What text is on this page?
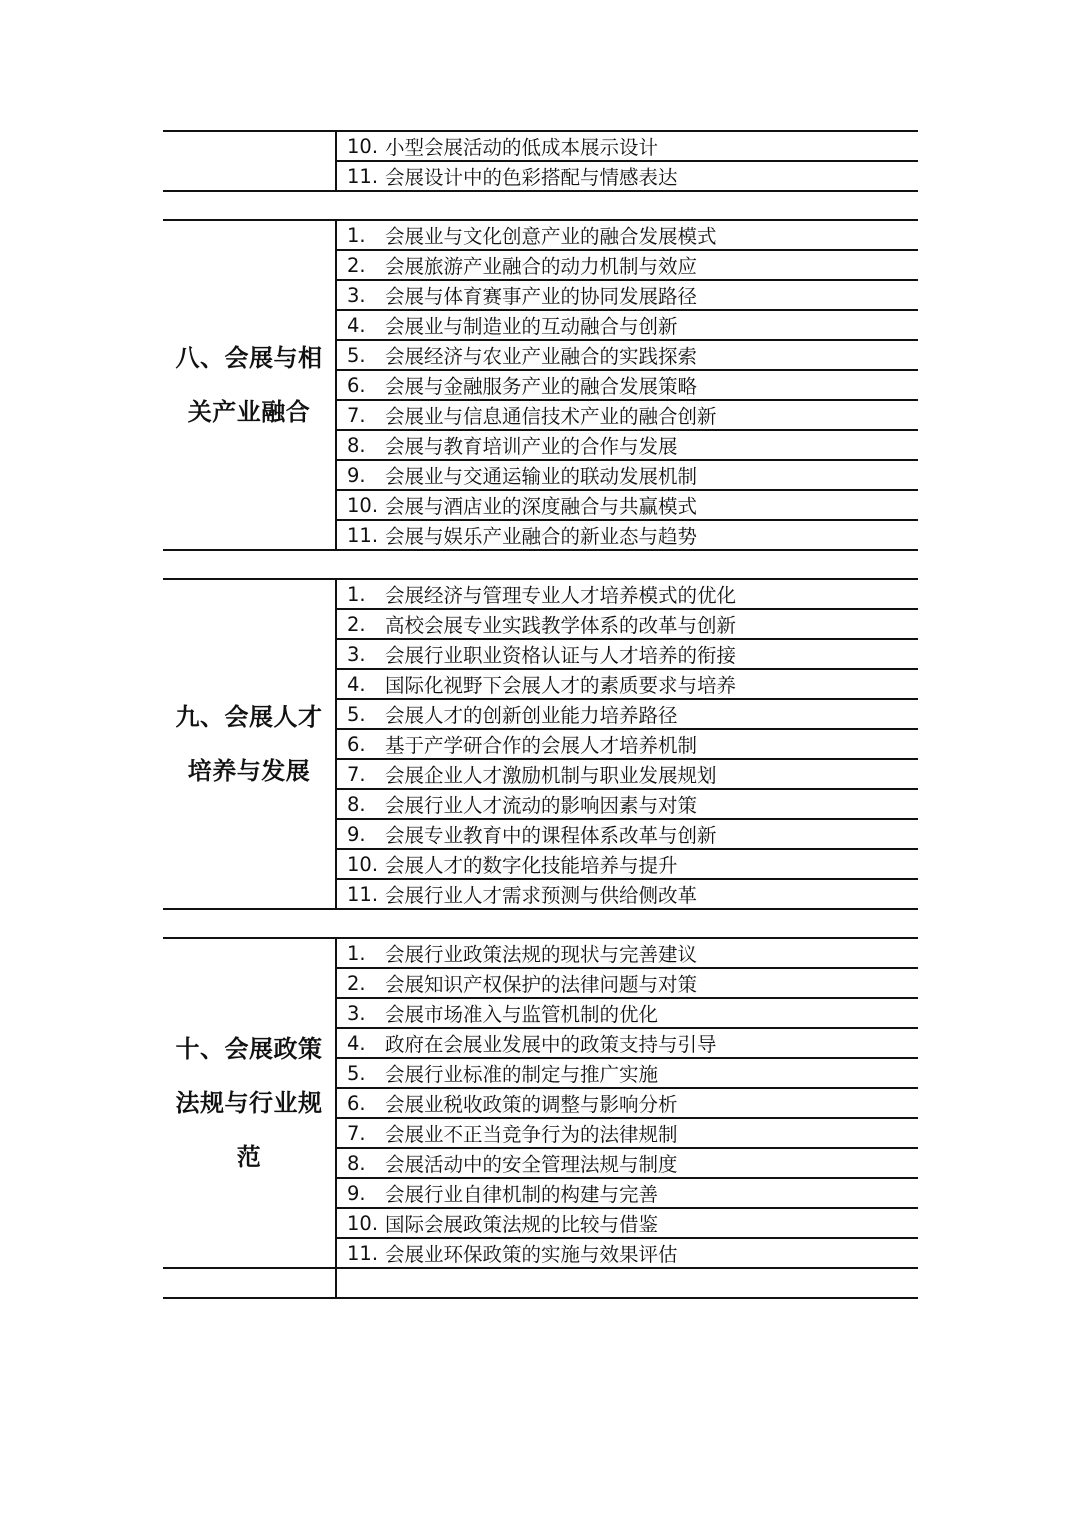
10. 小型会展活动的低成本展示设计
11. 会展设计中的色彩搭配与情感表达
八、会展与相
关产业融合
1. 会展业与文化创意产业的融合发展模式
2. 会展旅游产业融合的动力机制与效应
3. 会展与体育赛事产业的协同发展路径
4. 会展业与制造业的互动融合与创新
5. 会展经济与农业产业融合的实践探索
6. 会展与金融服务产业的融合发展策略
7. 会展业与信息通信技术产业的融合创新
8. 会展与教育培训产业的合作与发展
9. 会展业与交通运输业的联动发展机制
10. 会展与酒店业的深度融合与共赢模式
11. 会展与娱乐产业融合的新业态与趋势
九、会展人才
培养与发展
1. 会展经济与管理专业人才培养模式的优化
2. 高校会展专业实践教学体系的改革与创新
3. 会展行业职业资格认证与人才培养的衔接
4. 国际化视野下会展人才的素质要求与培养
5. 会展人才的创新创业能力培养路径
6. 基于产学研合作的会展人才培养机制
7. 会展企业人才激励机制与职业发展规划
8. 会展行业人才流动的影响因素与对策
9. 会展专业教育中的课程体系改革与创新
10. 会展人才的数字化技能培养与提升
11. 会展行业人才需求预测与供给侧改革
十、会展政策
法规与行业规
范
1. 会展行业政策法规的现状与完善建议
2. 会展知识产权保护的法律问题与对策
3. 会展市场准入与监管机制的优化
4. 政府在会展业发展中的政策支持与引导
5. 会展行业标准的制定与推广实施
6. 会展业税收政策的调整与影响分析
7. 会展业不正当竞争行为的法律规制
8. 会展活动中的安全管理法规与制度
9. 会展行业自律机制的构建与完善
10. 国际会展政策法规的比较与借鉴
11. 会展业环保政策的实施与效果评估
